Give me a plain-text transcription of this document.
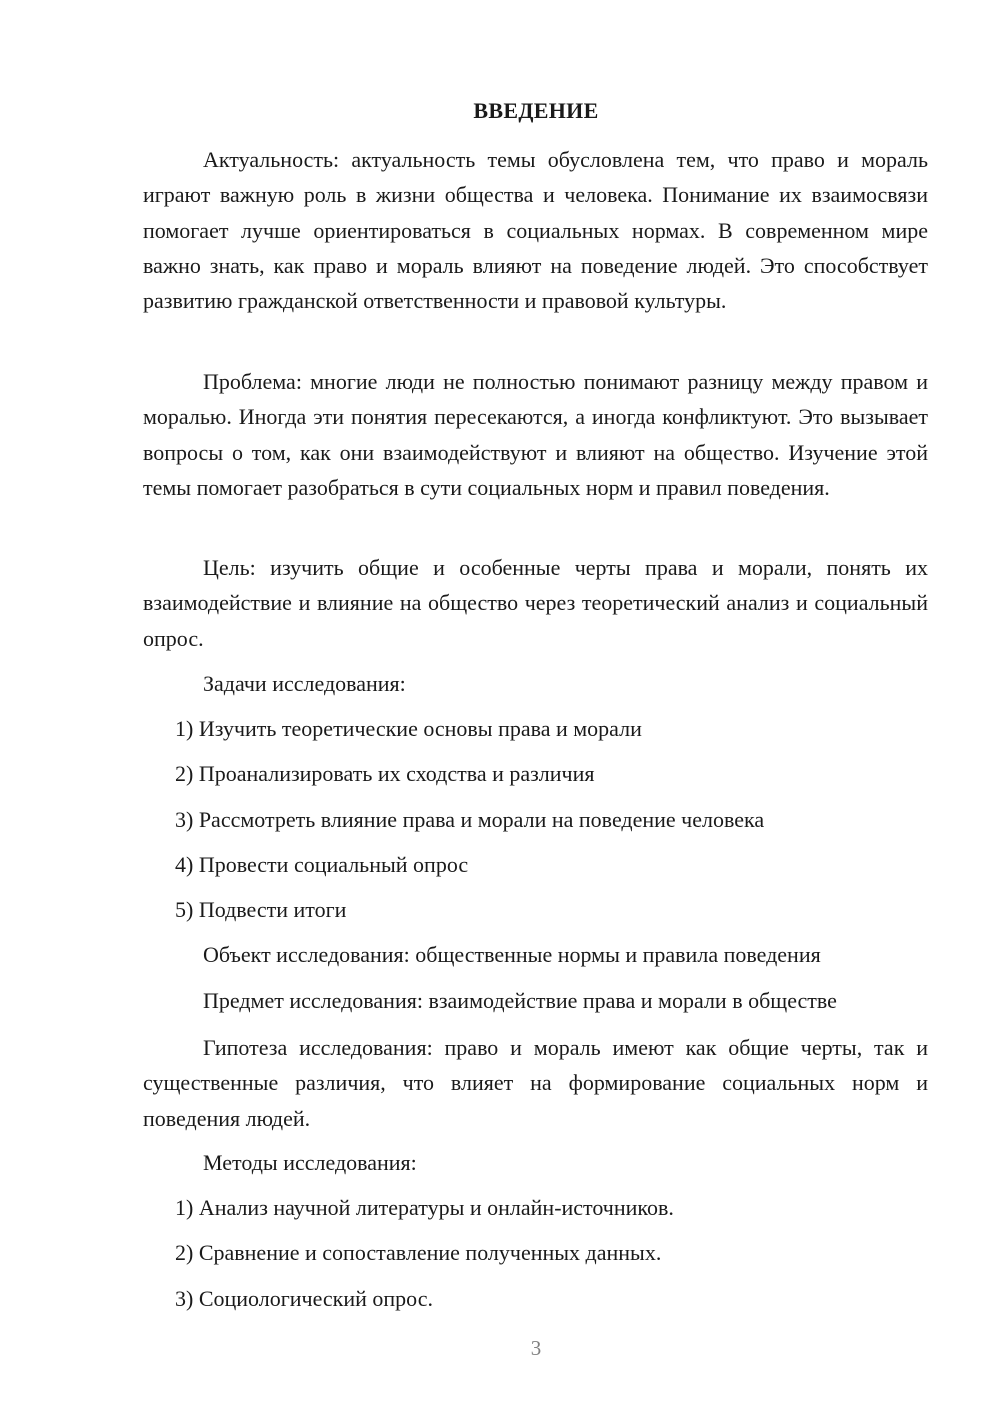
ВВЕДЕНИЕ

Актуальность: актуальность темы обусловлена тем, что право и мораль играют важную роль в жизни общества и человека. Понимание их взаимосвязи помогает лучше ориентироваться в социальных нормах. В современном мире важно знать, как право и мораль влияют на поведение людей. Это способствует развитию гражданской ответственности и правовой культуры.

Проблема: многие люди не полностью понимают разницу между правом и моралью. Иногда эти понятия пересекаются, а иногда конфликтуют. Это вызывает вопросы о том, как они взаимодействуют и влияют на общество. Изучение этой темы помогает разобраться в сути социальных норм и правил поведения.

Цель: изучить общие и особенные черты права и морали, понять их взаимодействие и влияние на общество через теоретический анализ и социальный опрос.

Задачи исследования:
1) Изучить теоретические основы права и морали
2) Проанализировать их сходства и различия
3) Рассмотреть влияние права и морали на поведение человека
4) Провести социальный опрос
5) Подвести итоги
Объект исследования: общественные нормы и правила поведения
Предмет исследования: взаимодействие права и морали в обществе

Гипотеза исследования: право и мораль имеют как общие черты, так и существенные различия, что влияет на формирование социальных норм и поведения людей.

Методы исследования:
1) Анализ научной литературы и онлайн-источников.
2) Сравнение и сопоставление полученных данных.
3) Социологический опрос.
3
